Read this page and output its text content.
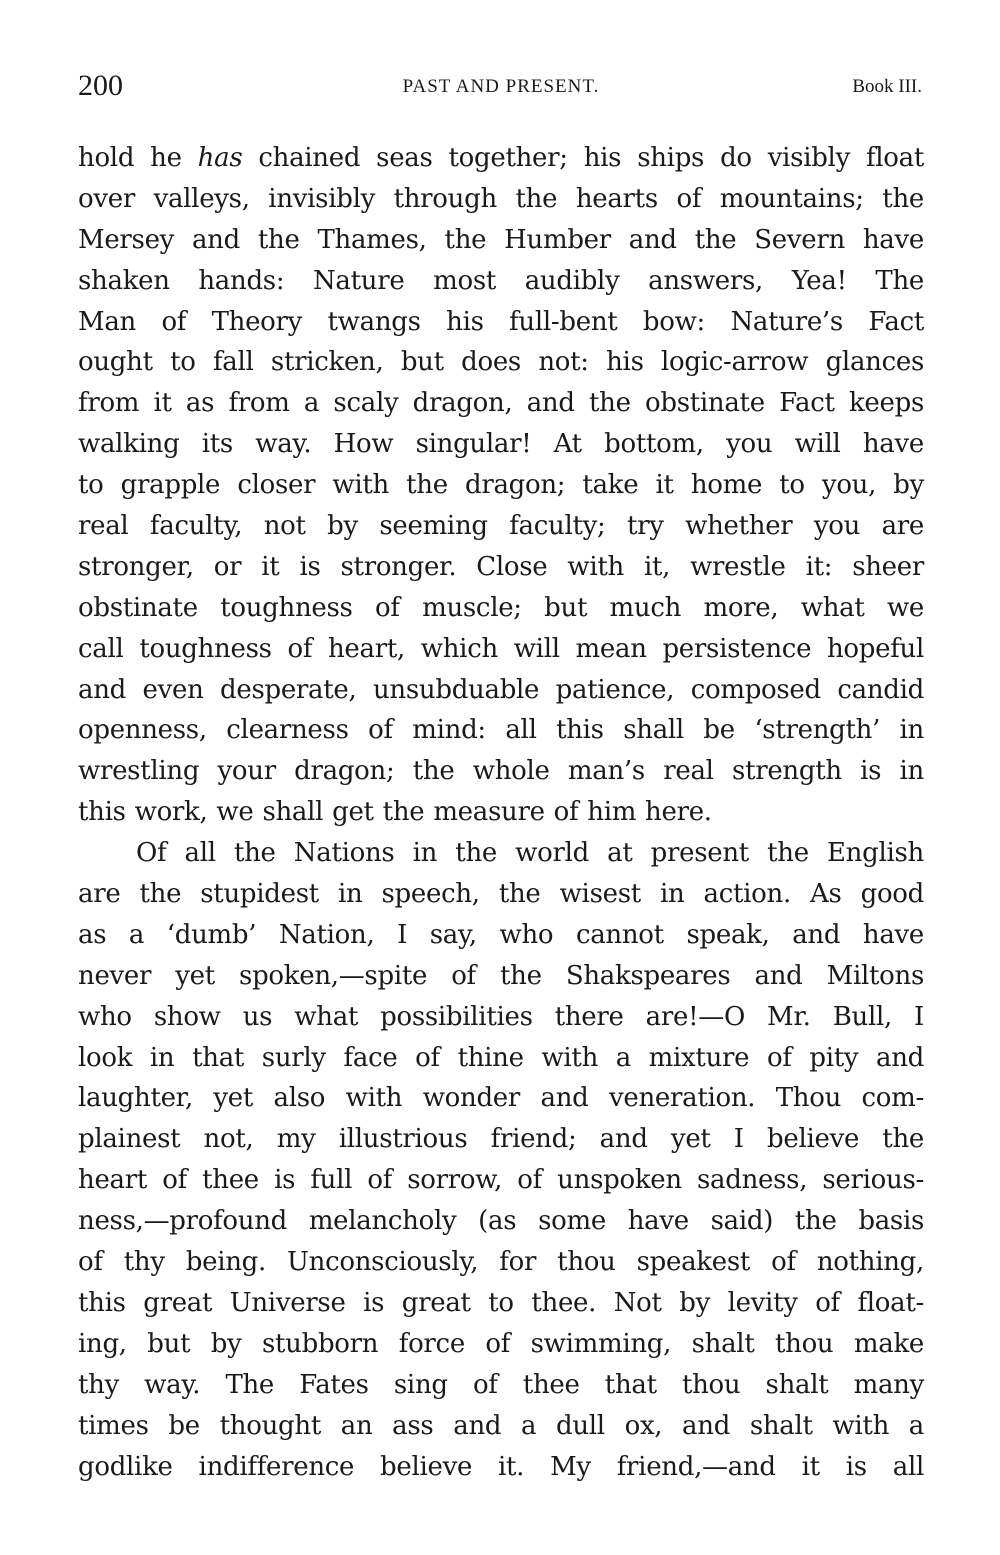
200	PAST AND PRESENT.	Book III.
hold he has chained seas together; his ships do visibly float
over valleys, invisibly through the hearts of mountains; the
Mersey and the Thames, the Humber and the Severn have
shaken hands: Nature most audibly answers, Yea! The
Man of Theory twangs his full-bent bow: Nature’s Fact
ought to fall stricken, but does not: his logic-arrow glances
from it as from a scaly dragon, and the obstinate Fact keeps
walking its way. How singular! At bottom, you will have
to grapple closer with the dragon; take it home to you, by
real faculty, not by seeming faculty; try whether you are
stronger, or it is stronger. Close with it, wrestle it: sheer
obstinate toughness of muscle; but much more, what we
call toughness of heart, which will mean persistence hopeful
and even desperate, unsubduable patience, composed candid
openness, clearness of mind: all this shall be ‘strength’ in
wrestling your dragon; the whole man’s real strength is in
this work, we shall get the measure of him here.
Of all the Nations in the world at present the English
are the stupidest in speech, the wisest in action. As good
as a ‘dumb’ Nation, I say, who cannot speak, and have
never yet spoken,—spite of the Shakspeares and Miltons
who show us what possibilities there are!—O Mr. Bull, I
look in that surly face of thine with a mixture of pity and
laughter, yet also with wonder and veneration. Thou com-
plainest not, my illustrious friend; and yet I believe the
heart of thee is full of sorrow, of unspoken sadness, serious-
ness,—profound melancholy (as some have said) the basis
of thy being. Unconsciously, for thou speakest of nothing,
this great Universe is great to thee. Not by levity of float-
ing, but by stubborn force of swimming, shalt thou make
thy way. The Fates sing of thee that thou shalt many
times be thought an ass and a dull ox, and shalt with a
godlike indifference believe it. My friend,—and it is all
